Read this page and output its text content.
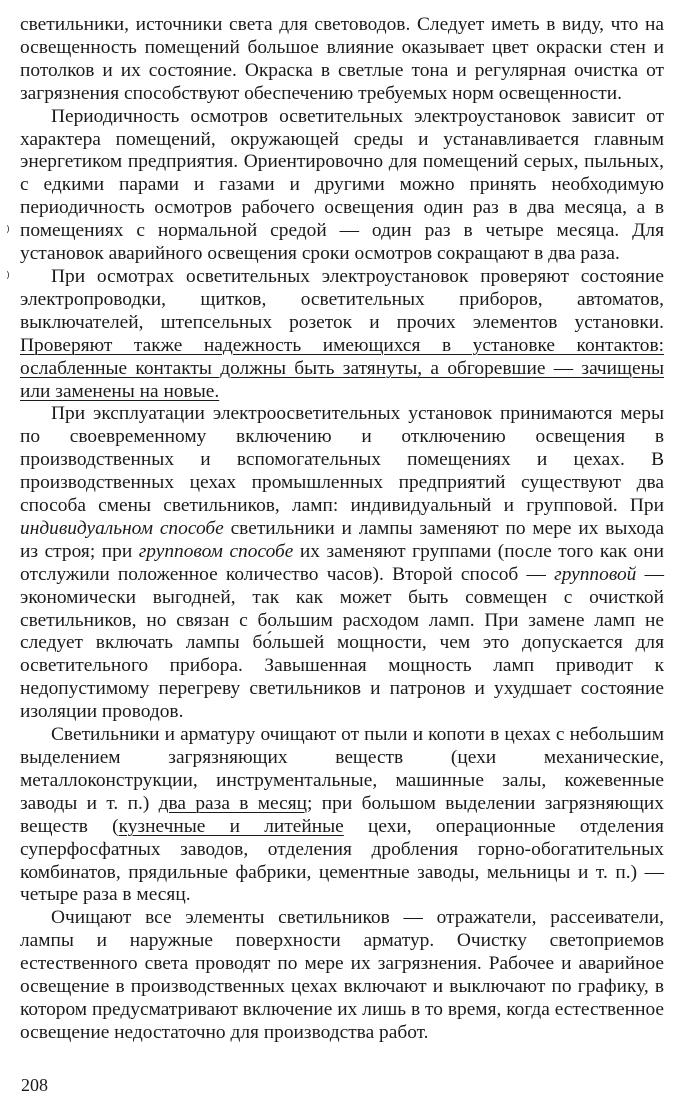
светильники, источники света для световодов. Следует иметь в виду, что на освещенность помещений большое влияние оказывает цвет окраски стен и потолков и их состояние. Окраска в светлые тона и регулярная очистка от загрязнения способствуют обеспечению требуемых норм освещенности.

Периодичность осмотров осветительных электроустановок зависит от характера помещений, окружающей среды и устанавливается главным энергетиком предприятия. Ориентировочно для помещений серых, пыльных, с едкими парами и газами и другими можно принять необходимую периодичность осмотров рабочего освещения один раз в два месяца, а в помещениях с нормальной средой — один раз в четыре месяца. Для установок аварийного освещения сроки осмотров сокращают в два раза.

При осмотрах осветительных электроустановок проверяют состояние электропроводки, щитков, осветительных приборов, автоматов, выключателей, штепсельных розеток и прочих элементов установки. Проверяют также надежность имеющихся в установке контактов: ослабленные контакты должны быть затянуты, а обгоревшие — зачищены или заменены на новые.

При эксплуатации электроосветительных установок принимаются меры по своевременному включению и отключению освещения в производственных и вспомогательных помещениях и цехах. В производственных цехах промышленных предприятий существуют два способа смены светильников, ламп: индивидуальный и групповой. При индивидуальном способе светильники и лампы заменяют по мере их выхода из строя; при групповом способе их заменяют группами (после того как они отслужили положенное количество часов). Второй способ — групповой — экономически выгодней, так как может быть совмещен с очисткой светильников, но связан с большим расходом ламп. При замене ламп не следует включать лампы бо́льшей мощности, чем это допускается для осветительного прибора. Завышенная мощность ламп приводит к недопустимому перегреву светильников и патронов и ухудшает состояние изоляции проводов.

Светильники и арматуру очищают от пыли и копоти в цехах с небольшим выделением загрязняющих веществ (цехи механические, металлоконструкции, инструментальные, машинные залы, кожевенные заводы и т. п.) два раза в месяц; при большом выделении загрязняющих веществ (кузнечные и литейные цехи, операционные отделения суперфосфатных заводов, отделения дробления горно-обогатительных комбинатов, прядильные фабрики, цементные заводы, мельницы и т. п.) — четыре раза в месяц.

Очищают все элементы светильников — отражатели, рассеиватели, лампы и наружные поверхности арматур. Очистку светоприемов естественного света проводят по мере их загрязнения. Рабочее и аварийное освещение в производственных цехах включают и выключают по графику, в котором предусматривают включение их лишь в то время, когда естественное освещение недостаточно для производства работ.

⁾
⁾
208
